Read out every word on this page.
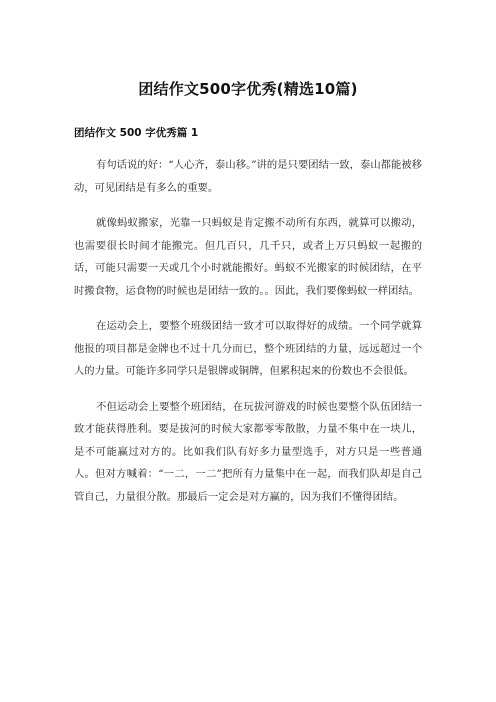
团结作文500字优秀(精选10篇)
团结作文 500 字优秀篇 1

有句话说的好：“人心齐，泰山移。”讲的是只要团结一致，泰山都能被移动，可见团结是有多么的重要。

就像蚂蚁搬家，光靠一只蚂蚁是肯定搬不动所有东西，就算可以搬动，也需要很长时间才能搬完。但几百只，几千只，或者上万只蚂蚁一起搬的话，可能只需要一天或几个小时就能搬好。蚂蚁不光搬家的时候团结，在平时搬食物，运食物的时候也是团结一致的。。因此，我们要像蚂蚁一样团结。

在运动会上，要整个班级团结一致才可以取得好的成绩。一个同学就算他报的项目都是金牌也不过十几分而已，整个班团结的力量，远远超过一个人的力量。可能许多同学只是银牌或铜牌，但累积起来的份数也不会很低。

不但运动会上要整个班团结，在玩拔河游戏的时候也要整个队伍团结一致才能获得胜利。要是拔河的时候大家都零零散散，力量不集中在一块儿，是不可能赢过对方的。比如我们队有好多力量型选手，对方只是一些普通人。但对方喊着：“一二，一二”把所有力量集中在一起，而我们队却是自己管自己，力量很分散。那最后一定会是对方赢的，因为我们不懂得团结。
